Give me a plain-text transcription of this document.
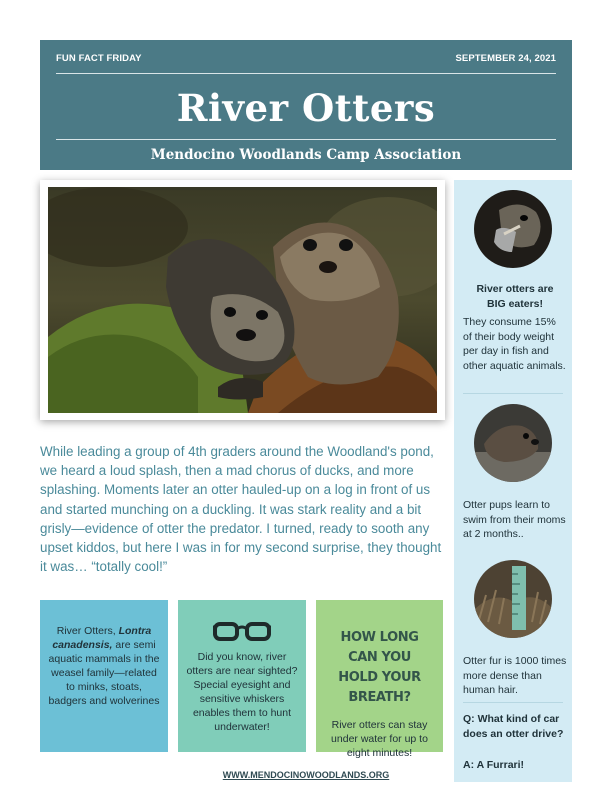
FUN FACT FRIDAY	SEPTEMBER 24, 2021
River Otters
Mendocino Woodlands Camp Association
While leading a group of 4th graders around the Woodland's pond, we heard a loud splash, then a mad chorus of ducks, and more splashing. Moments later an otter hauled-up on a log in front of us and started munching on a duckling. It was stark reality and a bit grisly—evidence of otter the predator. I turned, ready to sooth any upset kiddos, but here I was in for my second surprise, they thought it was… “totally cool!”
River Otters, Lontra canadensis, are semi aquatic mammals in the weasel family—related to minks, stoats, badgers and wolverines
Did you know, river otters are near sighted? Special eyesight and sensitive whiskers enables them to hunt underwater!
HOW LONG CAN YOU
HOLD YOUR BREATH?
River otters can stay under water for up to eight minutes!
WWW.MENDOCINOWOODLANDS.ORG
River otters are
BIG eaters!
They consume 15% of their body weight per day in fish and other aquatic animals.
Otter pups learn to swim from their moms at 2 months..
Otter fur is 1000 times more dense than human hair.
Q: What kind of car does an otter drive?
A: A Furrari!
